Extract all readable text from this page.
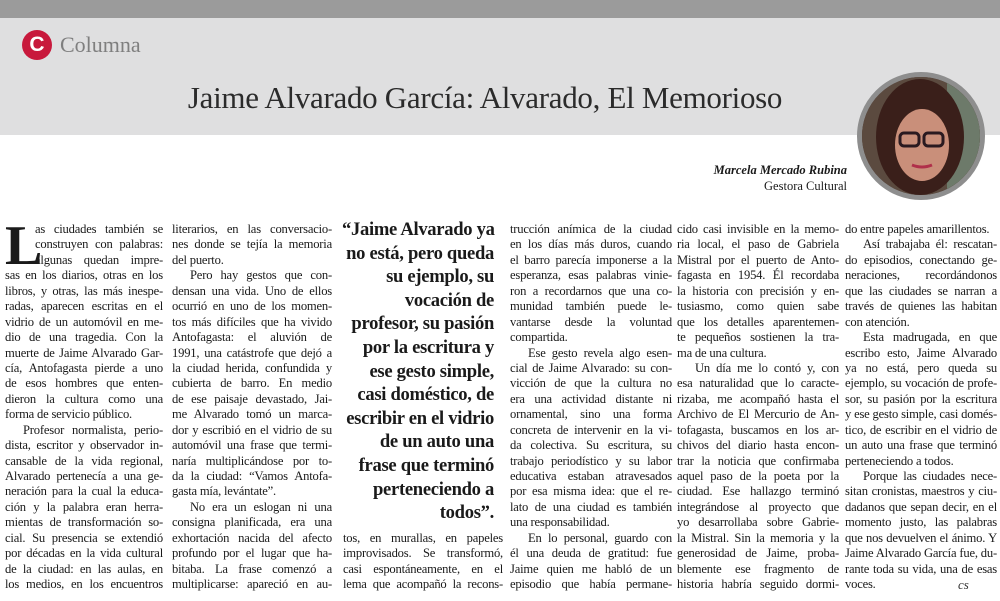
C Columna
Jaime Alvarado García: Alvarado, El Memorioso
Marcela Mercado Rubina
Gestora Cultural
L
as ciudades también se
construyen con palabras:
algunas quedan impre-
sas en los diarios, otras en los
libros, y otras, las más inespe-
radas, aparecen escritas en el
vidrio de un automóvil en me-
dio de una tragedia. Con la
muerte de Jaime Alvarado Gar-
cía, Antofagasta pierde a uno
de esos hombres que enten-
dieron la cultura como una
forma de servicio público.
Profesor normalista, perio-
dista, escritor y observador in-
cansable de la vida regional,
Alvarado pertenecía a una ge-
neración para la cual la educa-
ción y la palabra eran herra-
mientas de transformación so-
cial. Su presencia se extendió
por décadas en la vida cultural
de la ciudad: en las aulas, en
los medios, en los encuentros
literarios, en las conversacio-
nes donde se tejía la memoria
del puerto.
Pero hay gestos que con-
densan una vida. Uno de ellos
ocurrió en uno de los momen-
tos más difíciles que ha vivido
Antofagasta: el aluvión de
1991, una catástrofe que dejó a
la ciudad herida, confundida y
cubierta de barro. En medio
de ese paisaje devastado, Jai-
me Alvarado tomó un marca-
dor y escribió en el vidrio de su
automóvil una frase que termi-
naría multiplicándose por to-
da la ciudad: “Vamos Antofa-
gasta mía, levántate”.
No era un eslogan ni una
consigna planificada, era una
exhortación nacida del afecto
profundo por el lugar que ha-
bitaba. La frase comenzó a
multiplicarse: apareció en au-
“Jaime Alvarado ya
no está, pero queda
su ejemplo, su
vocación de
profesor, su pasión
por la escritura y
ese gesto simple,
casi doméstico, de
escribir en el vidrio
de un auto una
frase que terminó
perteneciendo a
todos”.
tos, en murallas, en papeles
improvisados. Se transformó,
casi espontáneamente, en el
lema que acompañó la recons-
trucción anímica de la ciudad
en los días más duros, cuando
el barro parecía imponerse a la
esperanza, esas palabras vinie-
ron a recordarnos que una co-
munidad también puede le-
vantarse desde la voluntad
compartida.
Ese gesto revela algo esen-
cial de Jaime Alvarado: su con-
vicción de que la cultura no
era una actividad distante ni
ornamental, sino una forma
concreta de intervenir en la vi-
da colectiva. Su escritura, su
trabajo periodístico y su labor
educativa estaban atravesados
por esa misma idea: que el re-
lato de una ciudad es también
una responsabilidad.
En lo personal, guardo con
él una deuda de gratitud: fue
Jaime quien me habló de un
episodio que había permane-
cido casi invisible en la memo-
ria local, el paso de Gabriela
Mistral por el puerto de Anto-
fagasta en 1954. Él recordaba
la historia con precisión y en-
tusiasmo, como quien sabe
que los detalles aparentemen-
te pequeños sostienen la tra-
ma de una cultura.
Un día me lo contó y, con
esa naturalidad que lo caracte-
rizaba, me acompañó hasta el
Archivo de El Mercurio de An-
tofagasta, buscamos en los ar-
chivos del diario hasta encon-
trar la noticia que confirmaba
aquel paso de la poeta por la
ciudad. Ese hallazgo terminó
integrándose al proyecto que
yo desarrollaba sobre Gabrie-
la Mistral. Sin la memoria y la
generosidad de Jaime, proba-
blemente ese fragmento de
historia habría seguido dormi-
do entre papeles amarillentos.
Así trabajaba él: rescatan-
do episodios, conectando ge-
neraciones, recordándonos
que las ciudades se narran a
través de quienes las habitan
con atención.
Esta madrugada, en que
escribo esto, Jaime Alvarado
ya no está, pero queda su
ejemplo, su vocación de profe-
sor, su pasión por la escritura
y ese gesto simple, casi domés-
tico, de escribir en el vidrio de
un auto una frase que terminó
perteneciendo a todos.
Porque las ciudades nece-
sitan cronistas, maestros y ciu-
dadanos que sepan decir, en el
momento justo, las palabras
que nos devuelven el ánimo. Y
Jaime Alvarado García fue, du-
rante toda su vida, una de esas
voces.	cs
